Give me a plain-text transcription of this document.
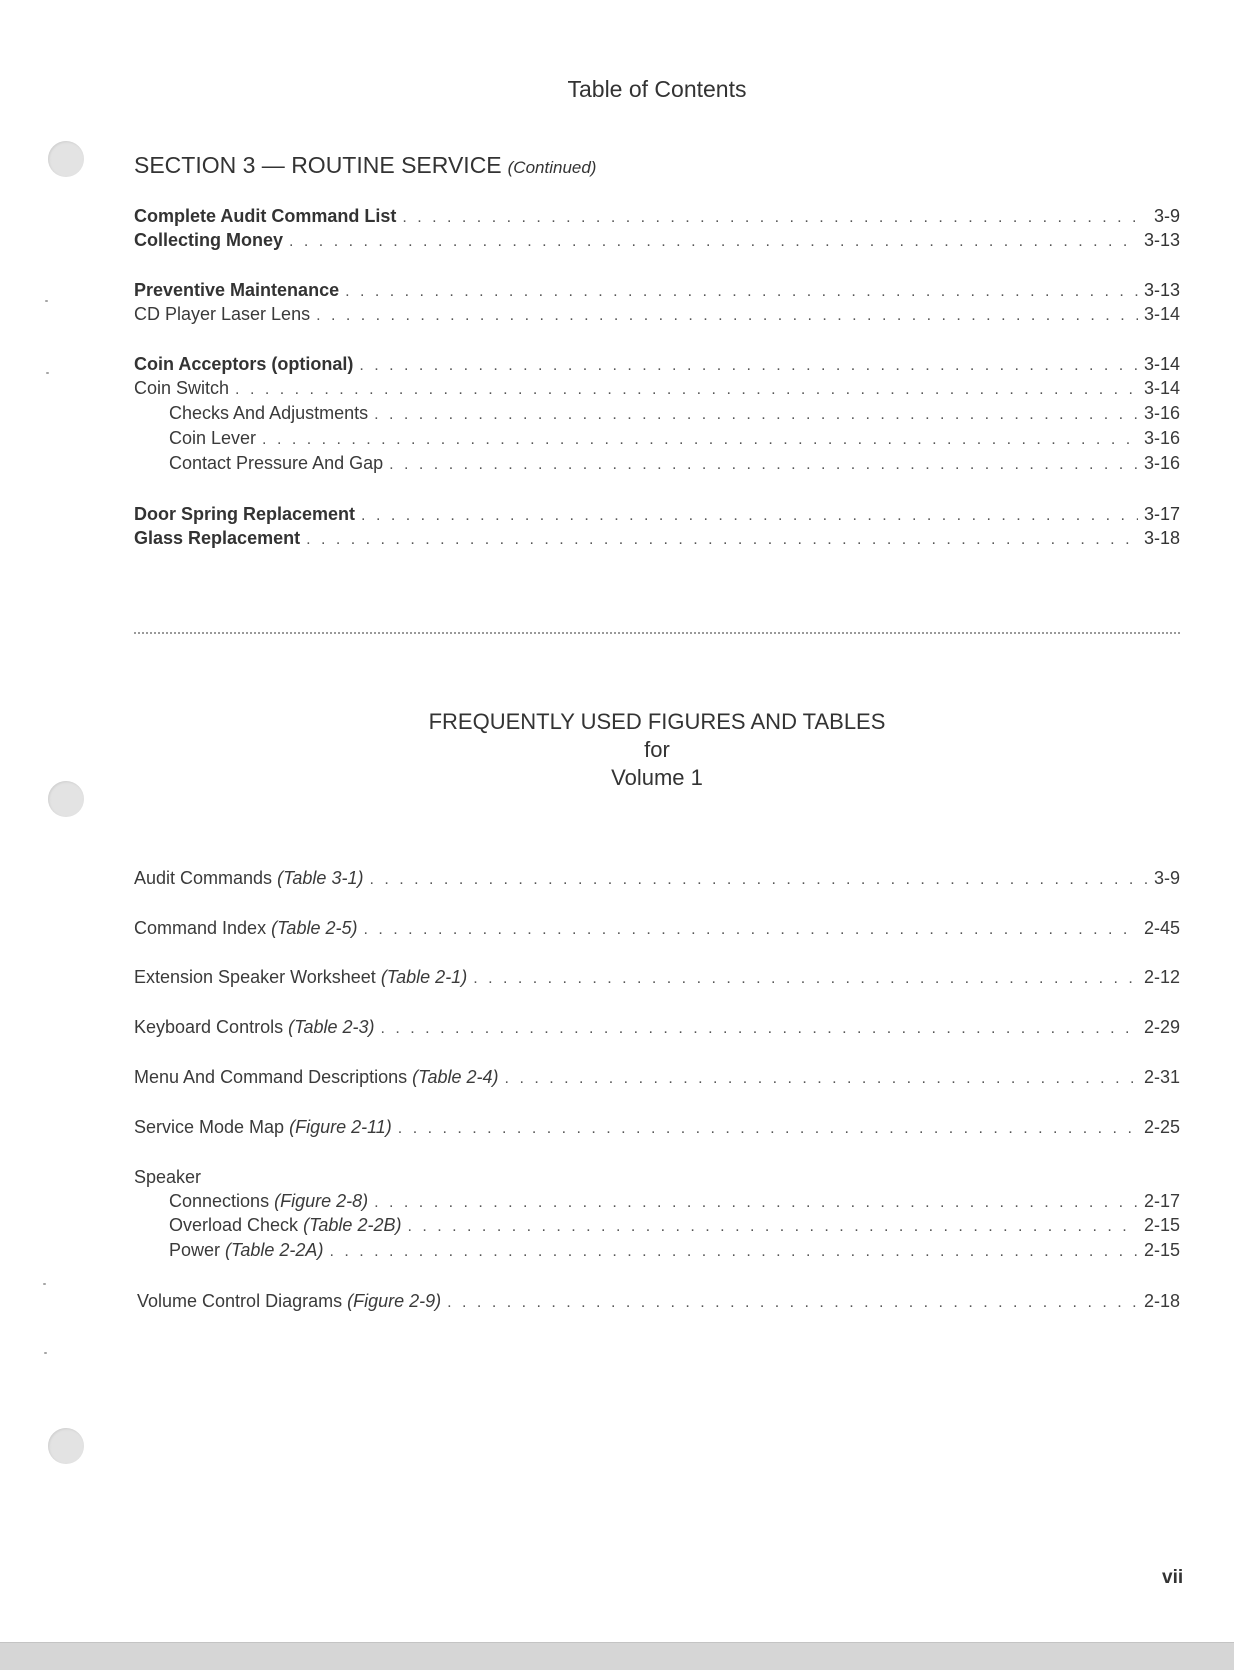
Table of Contents
SECTION 3 — ROUTINE SERVICE (Continued)
Complete Audit Command List . . .	3-9
Collecting Money . . .	3-13
Preventive Maintenance . . .	3-13
CD Player Laser Lens . . .	3-14
Coin Acceptors (optional) . . .	3-14
Coin Switch . . .	3-14
Checks And Adjustments . . .	3-16
Coin Lever . . .	3-16
Contact Pressure And Gap . . .	3-16
Door Spring Replacement . . .	3-17
Glass Replacement . . .	3-18
FREQUENTLY USED FIGURES AND TABLES
for
Volume 1
Audit Commands (Table 3-1) . . .	3-9
Command Index (Table 2-5) . . .	2-45
Extension Speaker Worksheet (Table 2-1) . . .	2-12
Keyboard Controls (Table 2-3) . . .	2-29
Menu And Command Descriptions (Table 2-4) . . .	2-31
Service Mode Map (Figure 2-11) . . .	2-25
Speaker
Connections (Figure 2-8) . . .	2-17
Overload Check (Table 2-2B) . . .	2-15
Power (Table 2-2A) . . .	2-15
Volume Control Diagrams (Figure 2-9) . . .	2-18
vii
